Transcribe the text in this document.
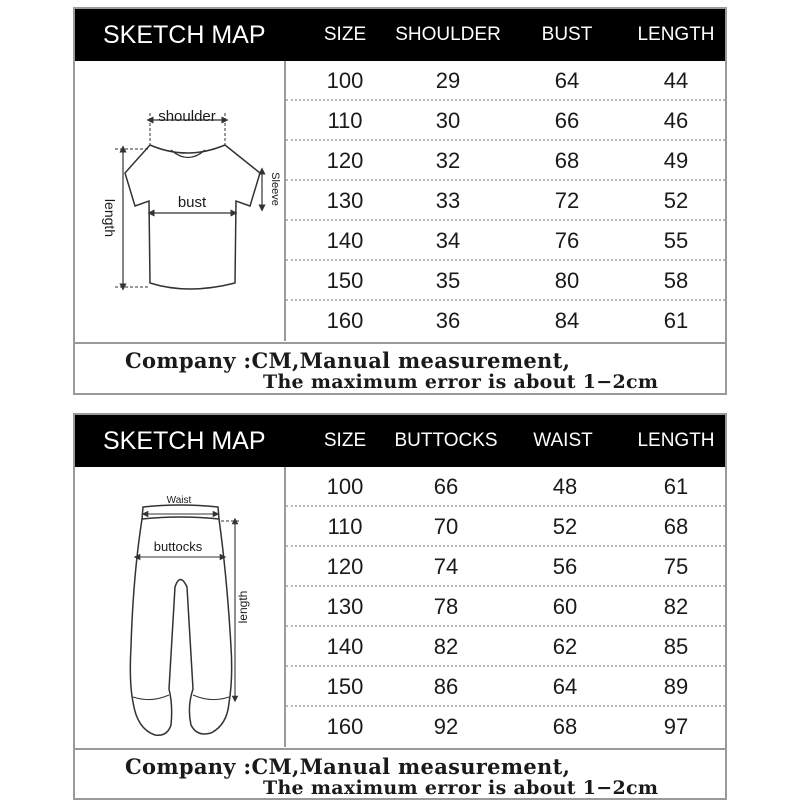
SKETCH MAP	SIZE SHOULDER BUST LENGTH
shoulder
bust
length
Sleeve
100	29	64	44
110	30	66	46
120	32	68	49
130	33	72	52
140	34	76	55
150	35	80	58
160	36	84	61
Company :CM,Manual measurement,
The maximum error is about 1−2cm
SKETCH MAP	SIZE BUTTOCKS WAIST LENGTH
Waist
buttocks
length
100	66	48	61
110	70	52	68
120	74	56	75
130	78	60	82
140	82	62	85
150	86	64	89
160	92	68	97
Company :CM,Manual measurement,
The maximum error is about 1−2cm
